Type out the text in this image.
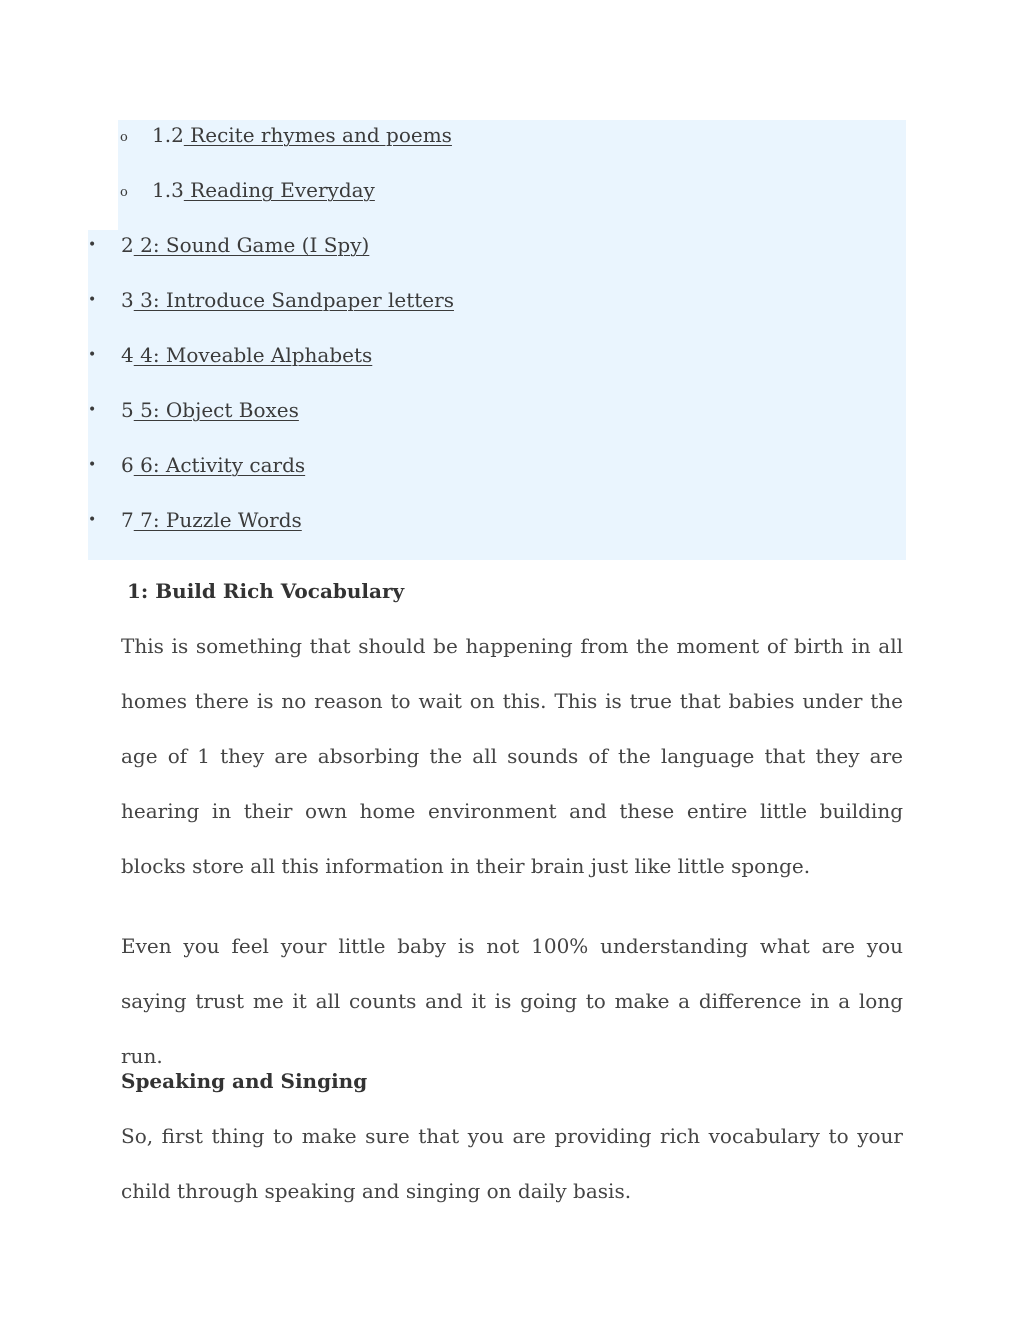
o 1.2 Recite rhymes and poems
o 1.3 Reading Everyday
• 2 2: Sound Game (I Spy)
• 3 3: Introduce Sandpaper letters
• 4 4: Moveable Alphabets
• 5 5: Object Boxes
• 6 6: Activity cards
• 7 7: Puzzle Words
1: Build Rich Vocabulary

This is something that should be happening from the moment of birth in all homes there is no reason to wait on this. This is true that babies under the age of 1 they are absorbing the all sounds of the language that they are hearing in their own home environment and these entire little building blocks store all this information in their brain just like little sponge.

Even you feel your little baby is not 100% understanding what are you saying trust me it all counts and it is going to make a difference in a long run.

Speaking and Singing

So, first thing to make sure that you are providing rich vocabulary to your child through speaking and singing on daily basis.
